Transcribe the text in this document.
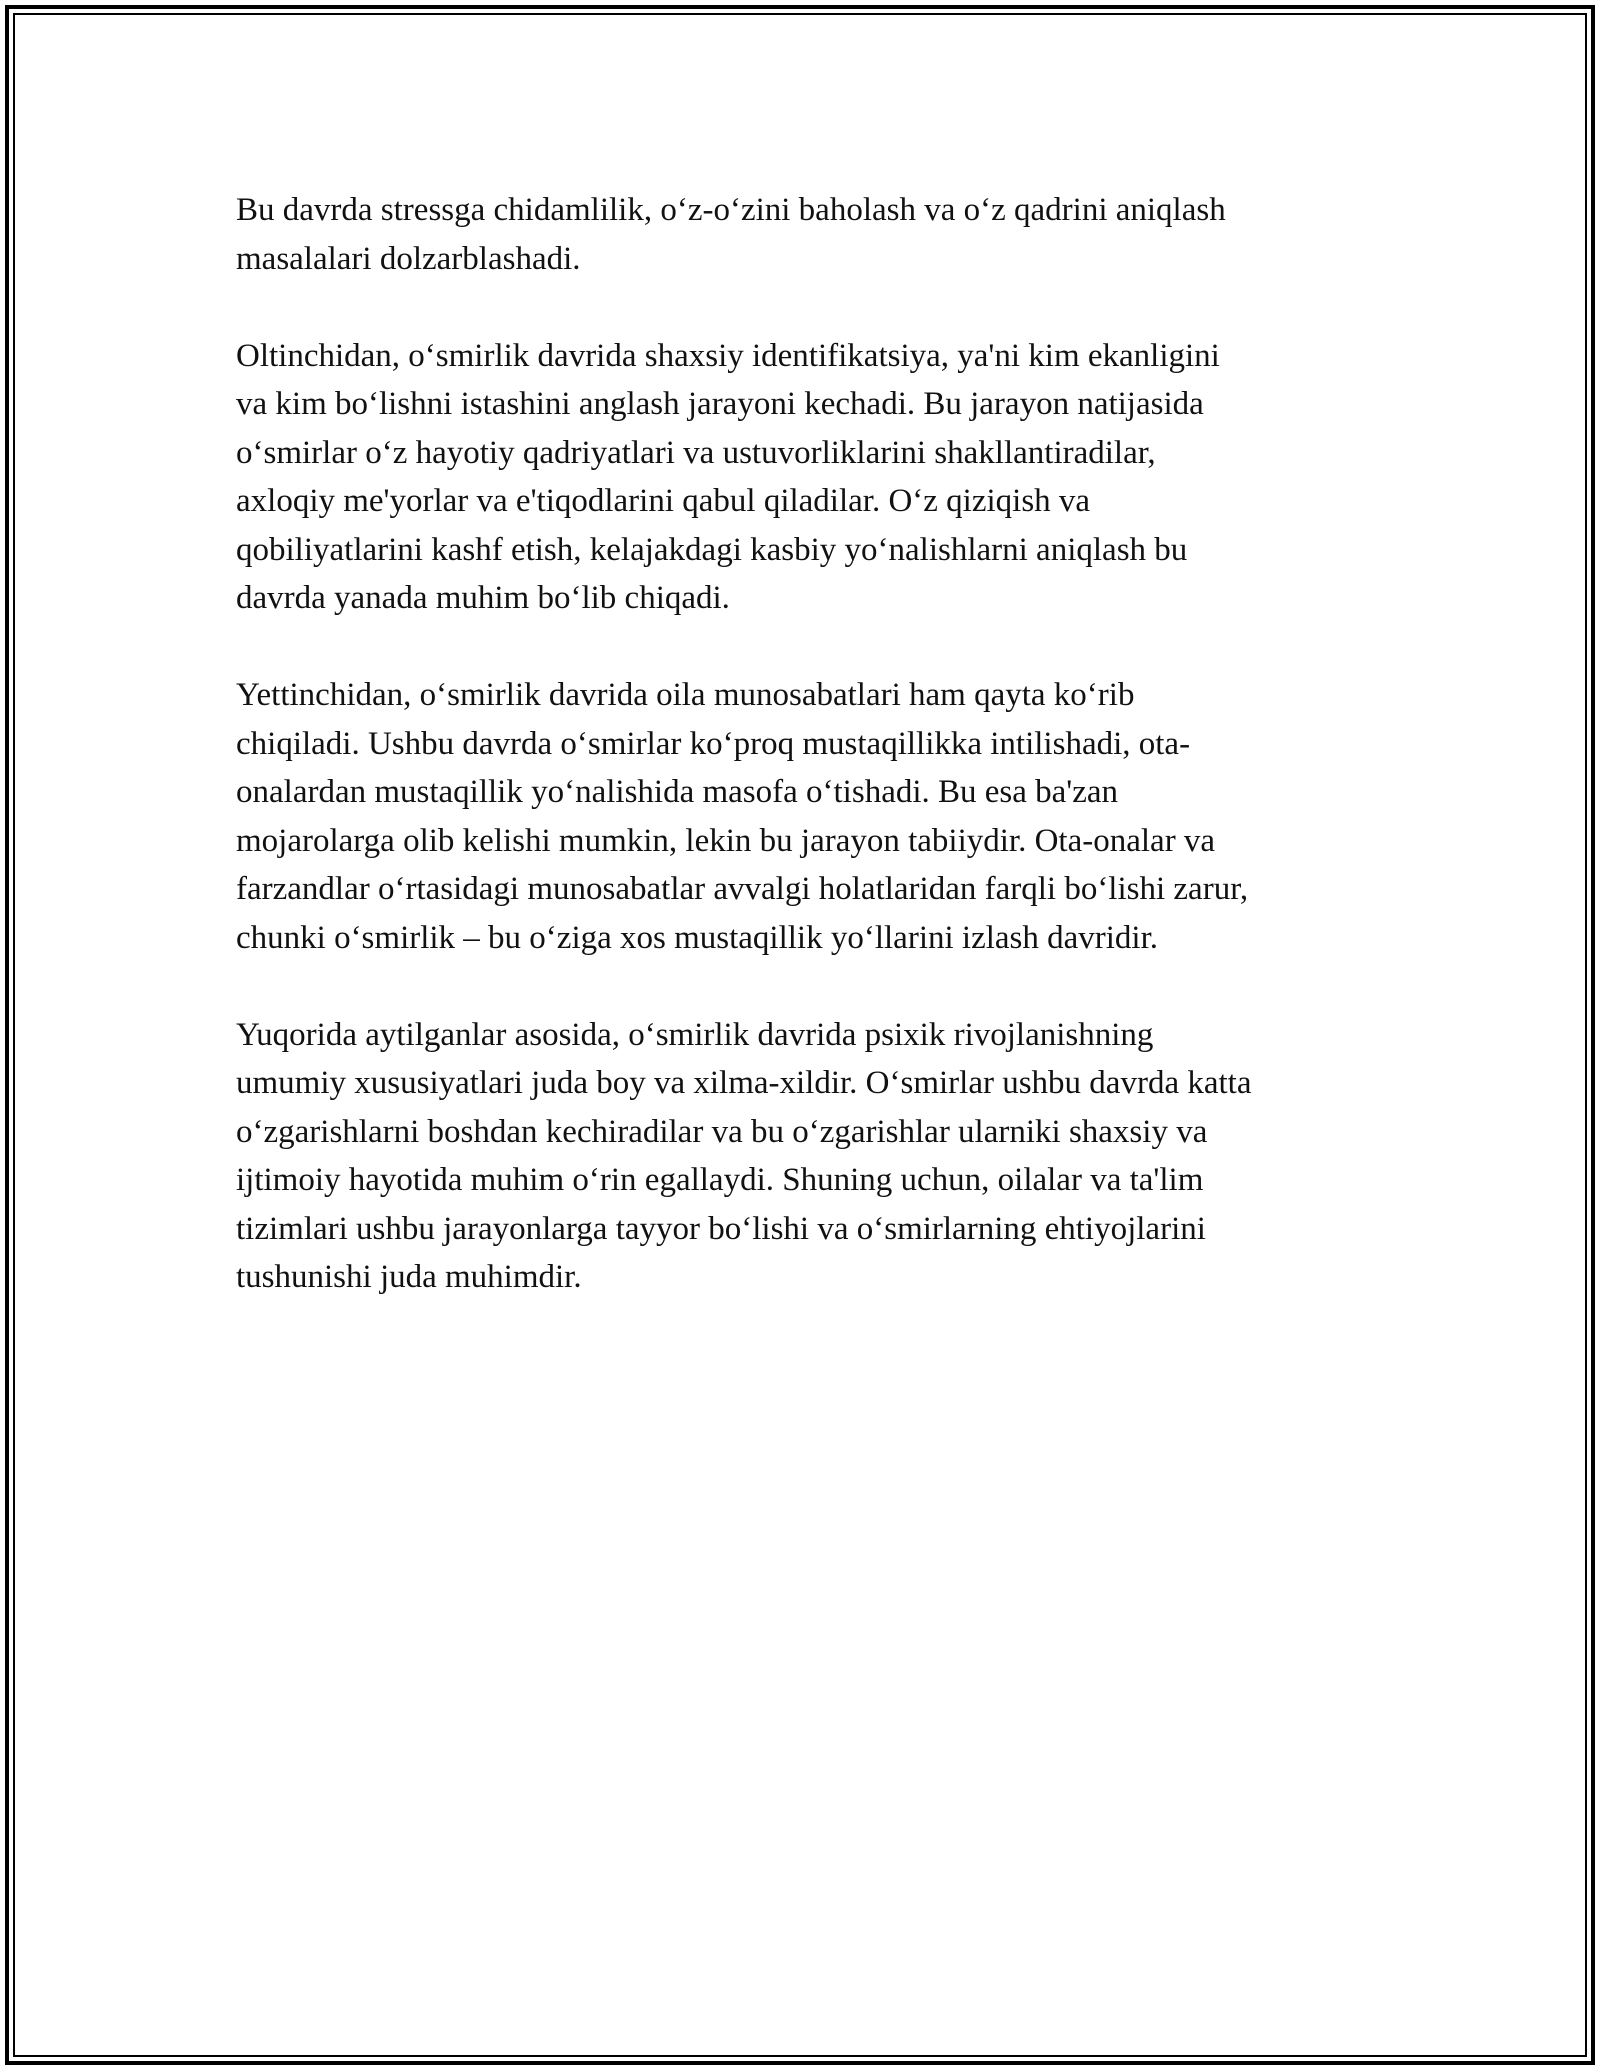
Bu davrda stressga chidamlilik, o‘z-o‘zini baholash va o‘z qadrini aniqlash
masalalari dolzarblashadi.

Oltinchidan, o‘smirlik davrida shaxsiy identifikatsiya, ya'ni kim ekanligini
va kim bo‘lishni istashini anglash jarayoni kechadi. Bu jarayon natijasida
o‘smirlar o‘z hayotiy qadriyatlari va ustuvorliklarini shakllantiradilar,
axloqiy me'yorlar va e'tiqodlarini qabul qiladilar. O‘z qiziqish va
qobiliyatlarini kashf etish, kelajakdagi kasbiy yo‘nalishlarni aniqlash bu
davrda yanada muhim bo‘lib chiqadi.

Yettinchidan, o‘smirlik davrida oila munosabatlari ham qayta ko‘rib
chiqiladi. Ushbu davrda o‘smirlar ko‘proq mustaqillikka intilishadi, ota-
onalardan mustaqillik yo‘nalishida masofa o‘tishadi. Bu esa ba'zan
mojarolarga olib kelishi mumkin, lekin bu jarayon tabiiydir. Ota-onalar va
farzandlar o‘rtasidagi munosabatlar avvalgi holatlaridan farqli bo‘lishi zarur,
chunki o‘smirlik – bu o‘ziga xos mustaqillik yo‘llarini izlash davridir.

Yuqorida aytilganlar asosida, o‘smirlik davrida psixik rivojlanishning
umumiy xususiyatlari juda boy va xilma-xildir. O‘smirlar ushbu davrda katta
o‘zgarishlarni boshdan kechiradilar va bu o‘zgarishlar ularniki shaxsiy va
ijtimoiy hayotida muhim o‘rin egallaydi. Shuning uchun, oilalar va ta'lim
tizimlari ushbu jarayonlarga tayyor bo‘lishi va o‘smirlarning ehtiyojlarini
tushunishi juda muhimdir.
